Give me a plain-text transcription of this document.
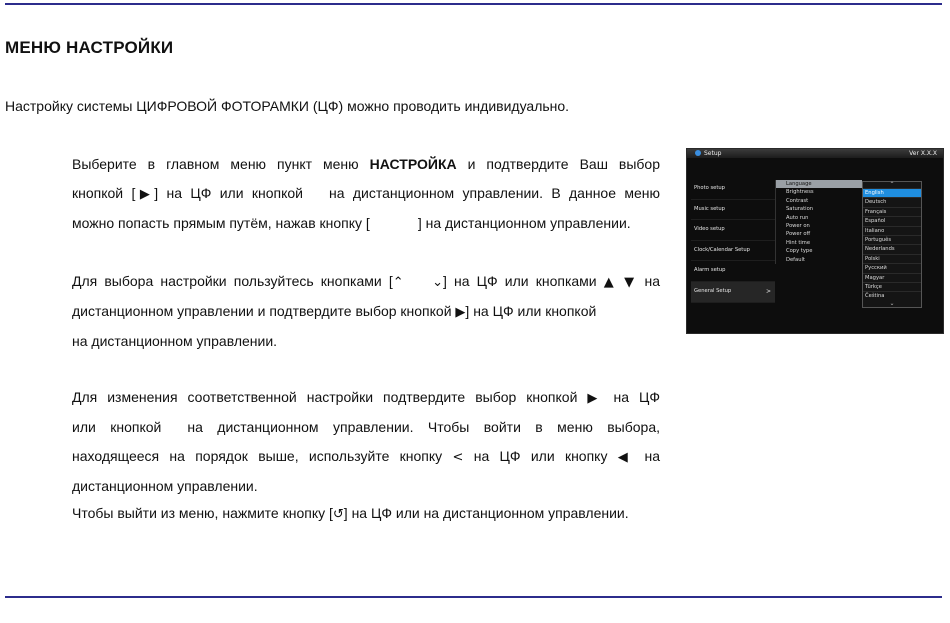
МЕНЮ НАСТРОЙКИ
Настройку системы ЦИФРОВОЙ ФОТОРАМКИ (ЦФ) можно проводить индивидуально.
Выберите в главном меню пункт меню НАСТРОЙКА и подтвердите Ваш выбор
кнопкой [▶] на ЦФ или кнопкой на дистанционном управлении. В данное меню
можно попасть прямым путём, нажав кнопку [	] на дистанционном управлении.
Для выбора настройки пользуйтесь кнопками [⌃ ⌄] на ЦФ или кнопками ▲ ▼ на
дистанционном управлении и подтвердите выбор кнопкой ▶] на ЦФ или кнопкой
на дистанционном управлении.
Для изменения соответственной настройки подтвердите выбор кнопкой ▶ на ЦФ
или кнопкой на дистанционном управлении. Чтобы войти в меню выбора,
находящееся на порядок выше, используйте кнопку < на ЦФ или кнопку ◀ на
дистанционном управлении.
Чтобы выйти из меню, нажмите кнопку [↺] на ЦФ или на дистанционном управлении.
Setup	Ver X.X.X
Photo setup
Music setup
Video setup
Clock/Calendar Setup
Alarm setup
General Setup	>
Language
Brightness
Contrast
Saturation
Auto run
Power on
Power off
Hint time
Copy type
Default
⌃
English
Deutsch
Français
Español
Italiano
Português
Nederlands
Polski
Русский
Magyar
Türkçe
Čeština
⌄
